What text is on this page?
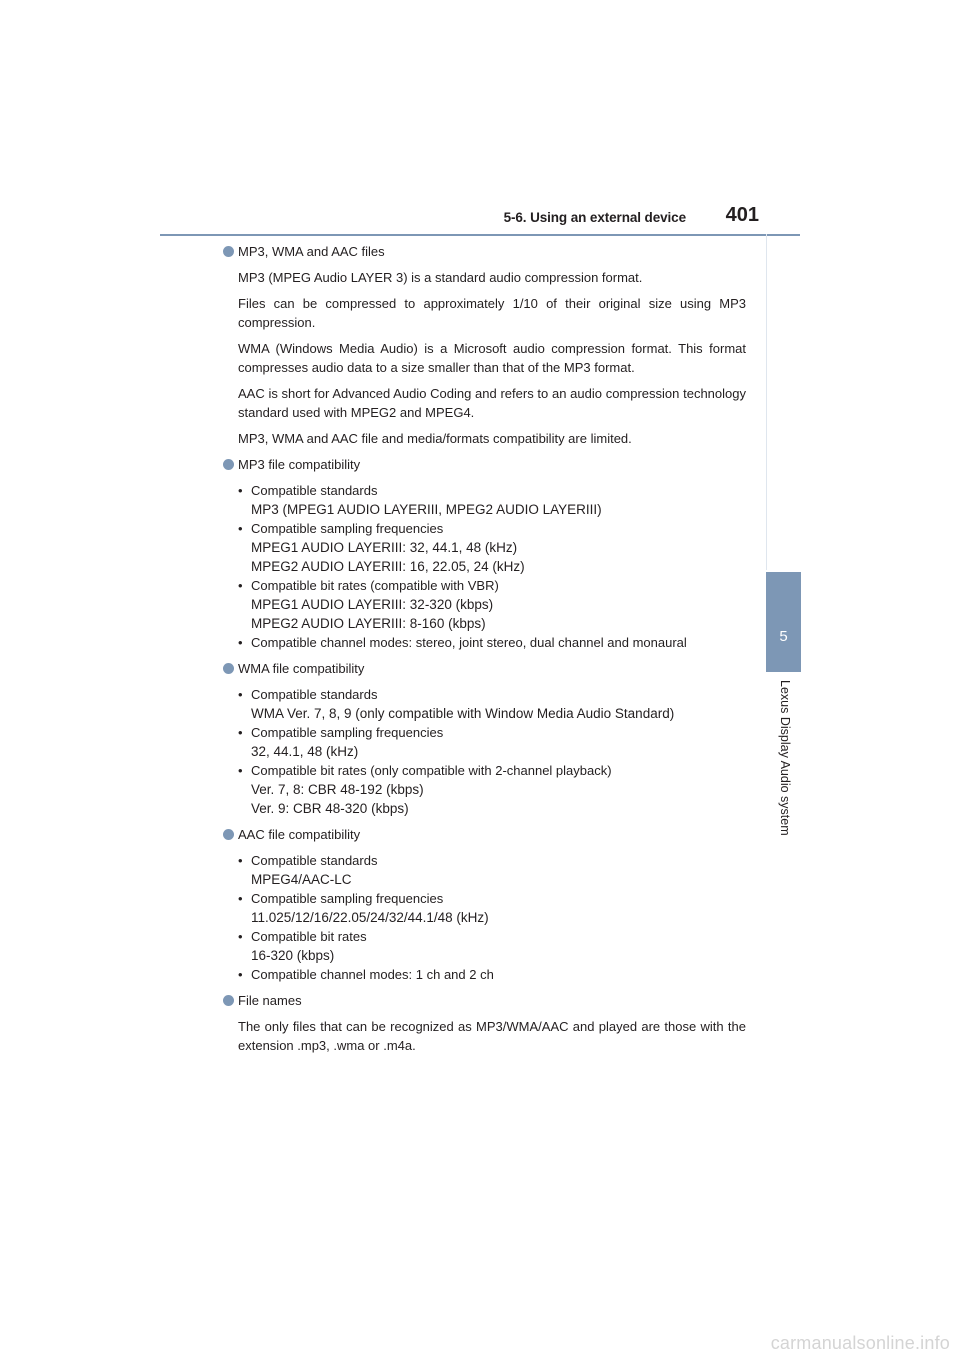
5-6. Using an external device 401
5
Lexus Display Audio system
MP3, WMA and AAC files
MP3 (MPEG Audio LAYER 3) is a standard audio compression format.
Files can be compressed to approximately 1/10 of their original size using MP3 compression.
WMA (Windows Media Audio) is a Microsoft audio compression format. This format compresses audio data to a size smaller than that of the MP3 format.
AAC is short for Advanced Audio Coding and refers to an audio compression technology standard used with MPEG2 and MPEG4.
MP3, WMA and AAC file and media/formats compatibility are limited.
MP3 file compatibility
• Compatible standards
MP3 (MPEG1 AUDIO LAYERIII, MPEG2 AUDIO LAYERIII)
• Compatible sampling frequencies
MPEG1 AUDIO LAYERIII: 32, 44.1, 48 (kHz)
MPEG2 AUDIO LAYERIII: 16, 22.05, 24 (kHz)
• Compatible bit rates (compatible with VBR)
MPEG1 AUDIO LAYERIII: 32-320 (kbps)
MPEG2 AUDIO LAYERIII: 8-160 (kbps)
• Compatible channel modes: stereo, joint stereo, dual channel and monaural
WMA file compatibility
• Compatible standards
WMA Ver. 7, 8, 9 (only compatible with Window Media Audio Standard)
• Compatible sampling frequencies
32, 44.1, 48 (kHz)
• Compatible bit rates (only compatible with 2-channel playback)
Ver. 7, 8: CBR 48-192 (kbps)
Ver. 9: CBR 48-320 (kbps)
AAC file compatibility
• Compatible standards
MPEG4/AAC-LC
• Compatible sampling frequencies
11.025/12/16/22.05/24/32/44.1/48 (kHz)
• Compatible bit rates
16-320 (kbps)
• Compatible channel modes: 1 ch and 2 ch
File names
The only files that can be recognized as MP3/WMA/AAC and played are those with the extension .mp3, .wma or .m4a.
carmanualsonline.info
